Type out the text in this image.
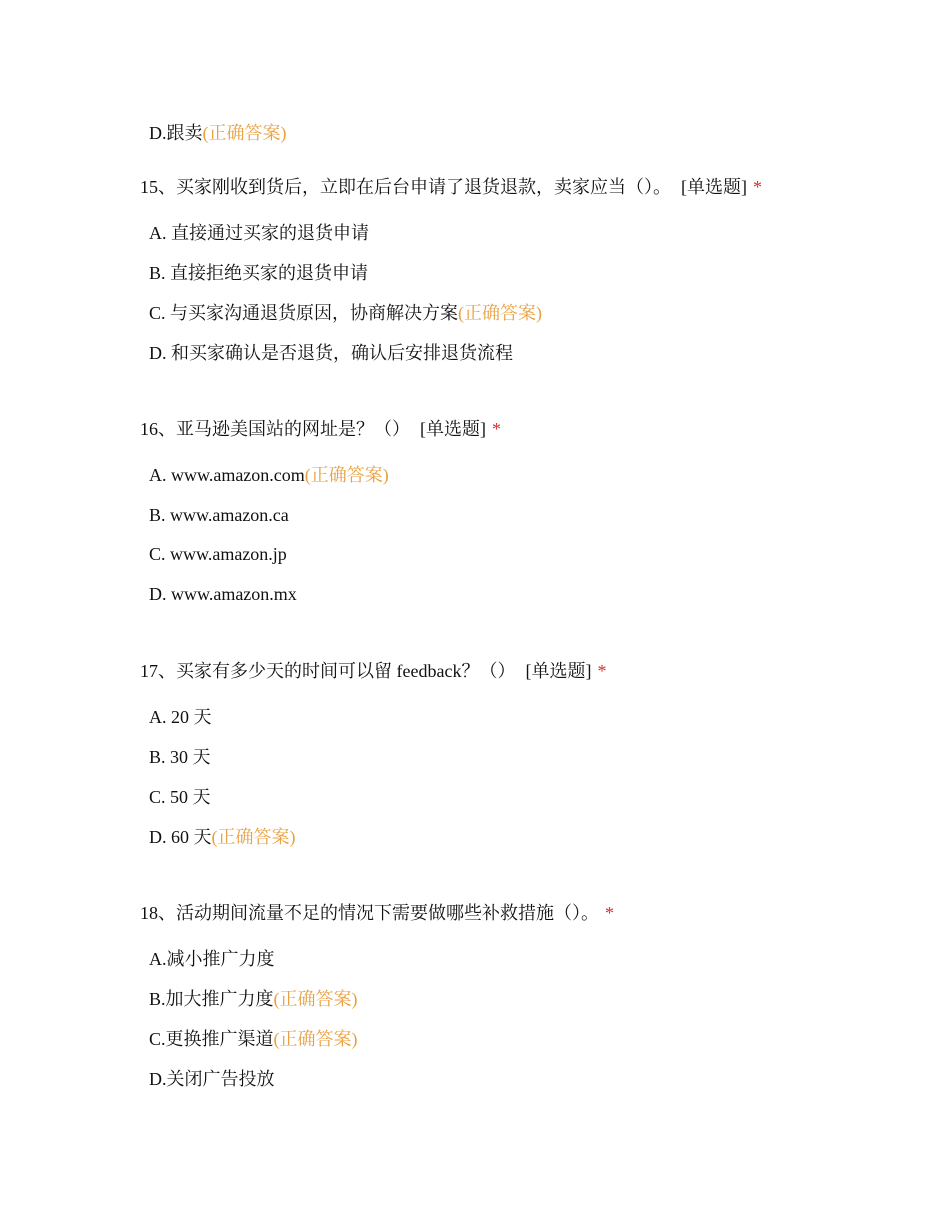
D.跟卖(正确答案)
15、买家刚收到货后，立即在后台申请了退货退款，卖家应当（）。 [单选题] *
A. 直接通过买家的退货申请
B. 直接拒绝买家的退货申请
C. 与买家沟通退货原因，协商解决方案(正确答案)
D. 和买家确认是否退货，确认后安排退货流程
16、亚马逊美国站的网址是？（） [单选题] *
A. www.amazon.com(正确答案)
B. www.amazon.ca
C. www.amazon.jp
D. www.amazon.mx
17、买家有多少天的时间可以留 feedback？（） [单选题] *
A. 20 天
B. 30 天
C. 50 天
D. 60 天(正确答案)
18、活动期间流量不足的情况下需要做哪些补救措施（）。 *
A.减小推广力度
B.加大推广力度(正确答案)
C.更换推广渠道(正确答案)
D.关闭广告投放
